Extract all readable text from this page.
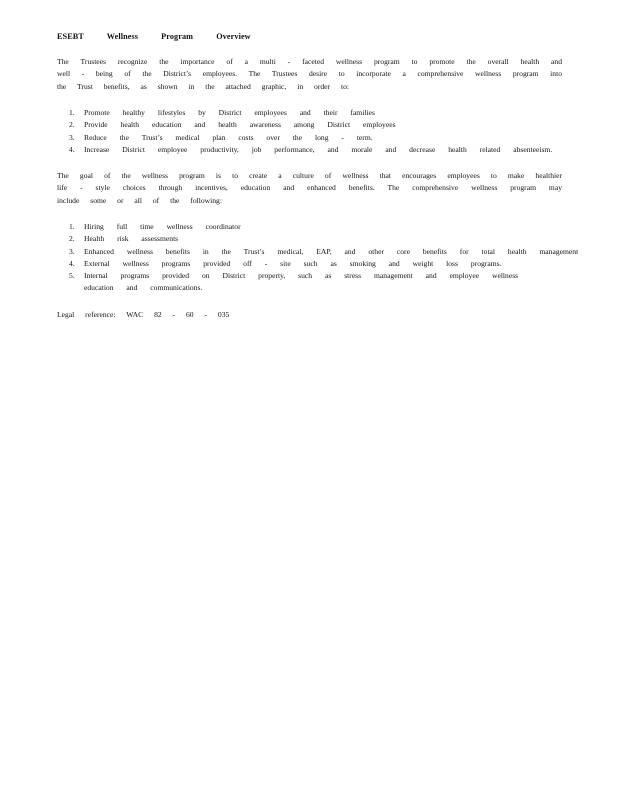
ESEBT Wellness Program Overview
The Trustees recognize the importance of a multi - faceted wellness program to promote the overall health and well - being of the District’s employees. The Trustees desire to incorporate a comprehensive wellness program into the Trust benefits, as shown in the attached graphic, in order to:
1. Promote healthy lifestyles by District employees and their families
2. Provide health education and health awareness among District employees
3. Reduce the Trust’s medical plan costs over the long - term.
4. Increase District employee productivity, job performance, and morale and decrease health related absenteeism.
The goal of the wellness program is to create a culture of wellness that encourages employees to make healthier life - style choices through incentives, education and enhanced benefits. The comprehensive wellness program may include some or all of the following:
1. Hiring full time wellness coordinator
2. Health risk assessments
3. Enhanced wellness benefits in the Trust’s medical, EAP, and other core benefits for total health management
4. External wellness programs provided off - site such as smoking and weight loss programs.
5. Internal programs provided on District property, such as stress management and employee wellness education and communications.
Legal reference: WAC 82 - 60 - 035
